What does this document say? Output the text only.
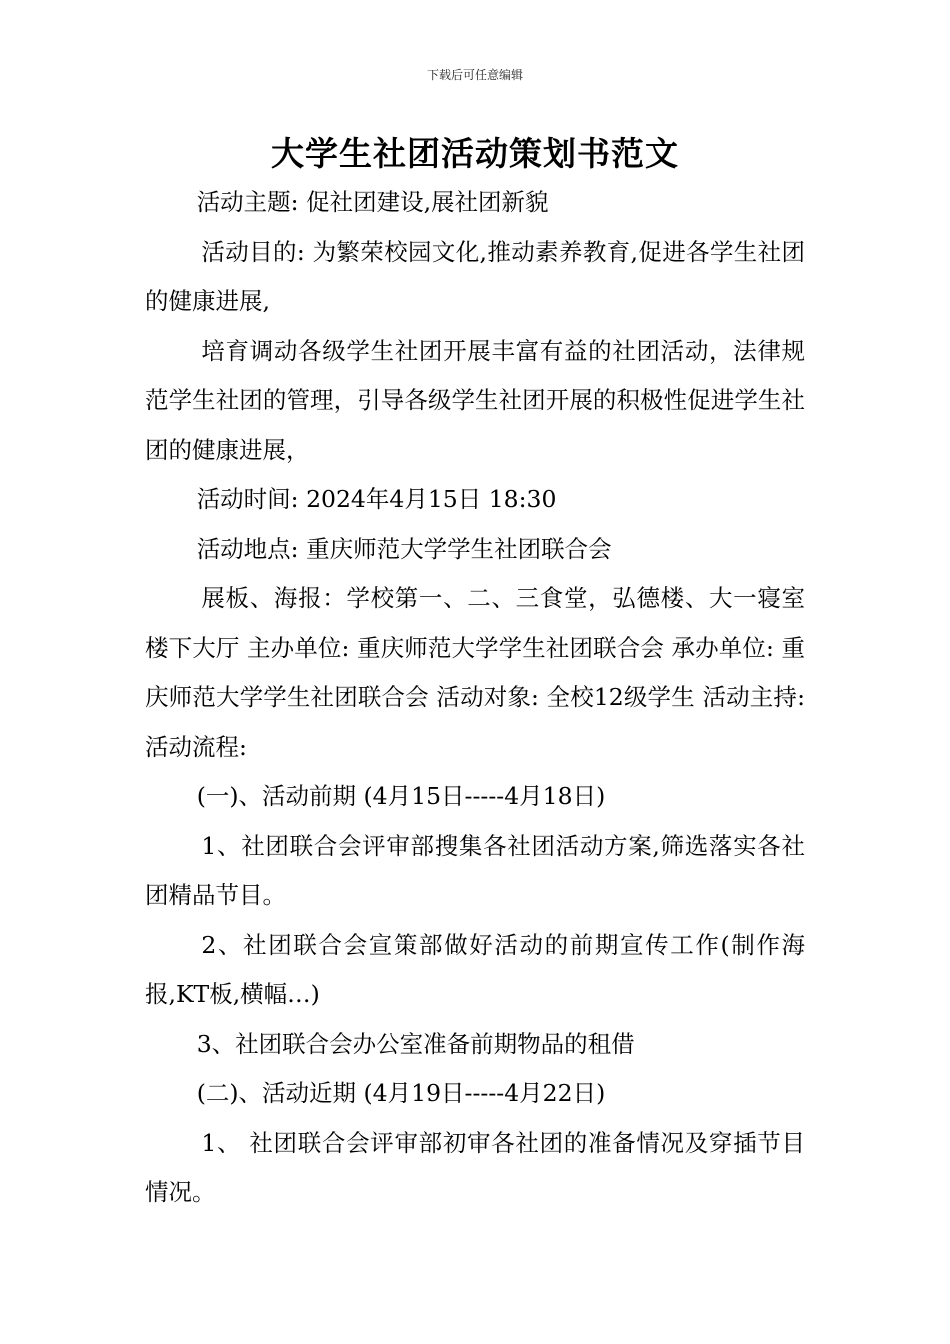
下载后可任意编辑
大学生社团活动策划书范文

活动主题: 促社团建设,展社团新貌

活动目的: 为繁荣校园文化,推动素养教育,促进各学生社团的健康进展,

培育调动各级学生社团开展丰富有益的社团活动，法律规范学生社团的管理，引导各级学生社团开展的积极性促进学生社团的健康进展，

活动时间: 2024年4月15日 18:30

活动地点: 重庆师范大学学生社团联合会

展板、海报：学校第一、二、三食堂，弘德楼、大一寝室楼下大厅 主办单位: 重庆师范大学学生社团联合会 承办单位: 重庆师范大学学生社团联合会 活动对象: 全校12级学生 活动主持: 活动流程:

(一)、活动前期 (4月15日-----4月18日)

1、社团联合会评审部搜集各社团活动方案,筛选落实各社团精品节目。

2、社团联合会宣策部做好活动的前期宣传工作(制作海报,KT板,横幅…)

3、社团联合会办公室准备前期物品的租借

(二)、活动近期 (4月19日-----4月22日)

1、 社团联合会评审部初审各社团的准备情况及穿插节目情况。
